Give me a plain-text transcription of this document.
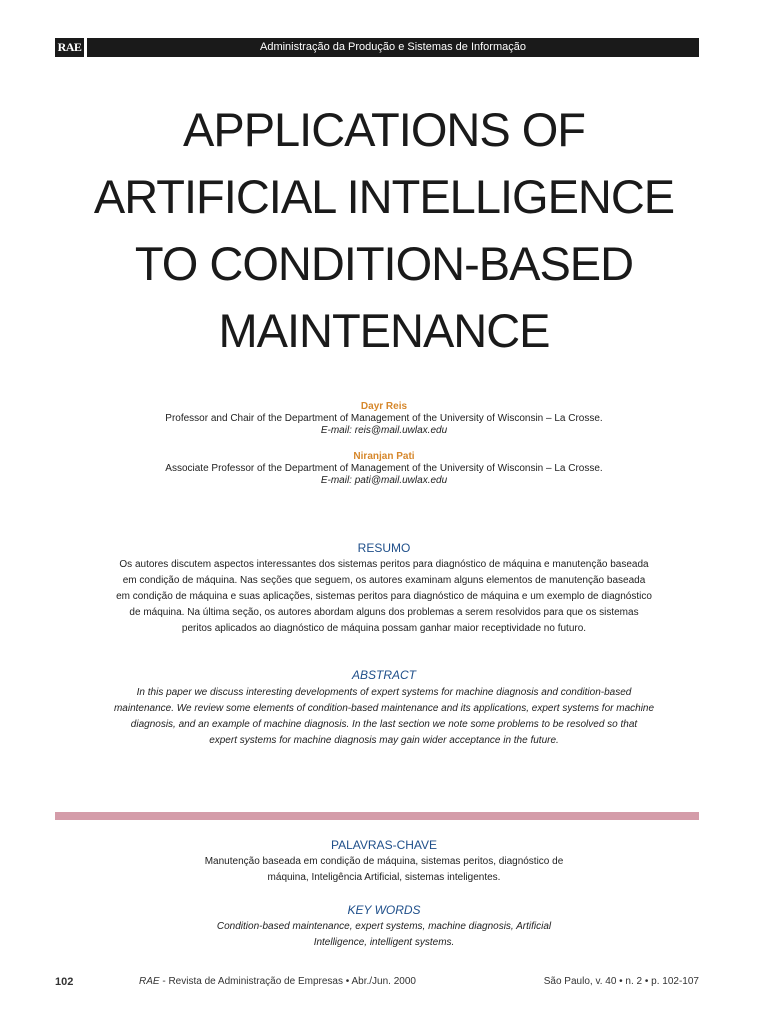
RAE	Administração da Produção e Sistemas de Informação
APPLICATIONS OF
ARTIFICIAL INTELLIGENCE
TO CONDITION-BASED
MAINTENANCE
Dayr Reis
Professor and Chair of the Department of Management of the University of Wisconsin – La Crosse.
E-mail: reis@mail.uwlax.edu
Niranjan Pati
Associate Professor of the Department of Management of the University of Wisconsin – La Crosse.
E-mail: pati@mail.uwlax.edu
RESUMO
Os autores discutem aspectos interessantes dos sistemas peritos para diagnóstico de máquina e manutenção baseada
em condição de máquina. Nas seções que seguem, os autores examinam alguns elementos de manutenção baseada
em condição de máquina e suas aplicações, sistemas peritos para diagnóstico de máquina e um exemplo de diagnóstico
de máquina. Na última seção, os autores abordam alguns dos problemas a serem resolvidos para que os sistemas
peritos aplicados ao diagnóstico de máquina possam ganhar maior receptividade no futuro.
ABSTRACT
In this paper we discuss interesting developments of expert systems for machine diagnosis and condition-based
maintenance. We review some elements of condition-based maintenance and its applications, expert systems for machine
diagnosis, and an example of machine diagnosis. In the last section we note some problems to be resolved so that
expert systems for machine diagnosis may gain wider acceptance in the future.
PALAVRAS-CHAVE
Manutenção baseada em condição de máquina, sistemas peritos, diagnóstico de
máquina, Inteligência Artificial, sistemas inteligentes.
KEY WORDS
Condition-based maintenance, expert systems, machine diagnosis, Artificial
Intelligence, intelligent systems.
102	RAE - Revista de Administração de Empresas • Abr./Jun. 2000	São Paulo, v. 40 • n. 2 • p. 102-107
